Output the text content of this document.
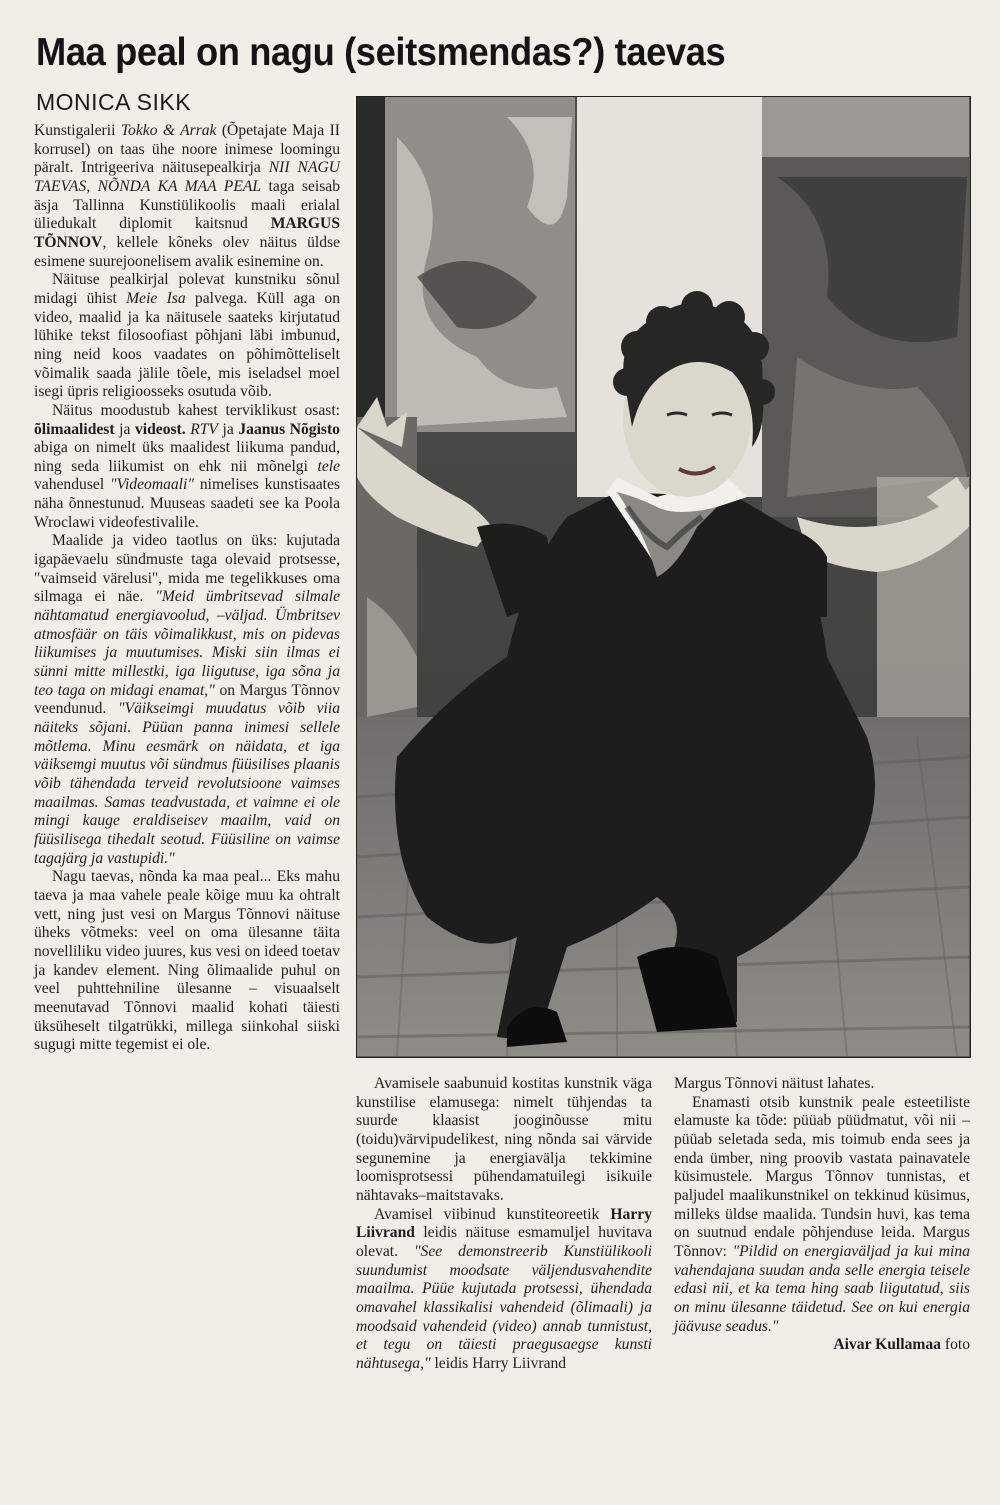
Maa peal on nagu (seitsmendas?) taevas
MONICA SIKK

Kunstigalerii Tokko & Arrak (Õpetajate Maja II korrusel) on taas ühe noore inimese loomingu päralt. Intrigeeriva näitusepealkirja NII NAGU TAEVAS, NÕNDA KA MAA PEAL taga seisab äsja Tallinna Kunstiülikoolis maali erialal üliedukalt diplomit kaitsnud MARGUS TÕNNOV, kellele kõneks olev näitus üldse esimene suurejoonelisem avalik esinemine on.

Näituse pealkirjal polevat kunstniku sõnul midagi ühist Meie Isa palvega. Küll aga on video, maalid ja ka näitusele saateks kirjutatud lühike tekst filosoofiast põhjani läbi imbunud, ning neid koos vaadates on põhimõtteliselt võimalik saada jälile tõele, mis iseladsel moel isegi üpris religioosseks osutuda võib.

Näitus moodustub kahest terviklikust osast: õlimaalidest ja videost. RTV ja Jaanus Nõgisto abiga on nimelt üks maalidest liikuma pandud, ning seda liikumist on ehk nii mõnelgi tele vahendusel "Videomaali" nimelises kunstisaates näha õnnestunud. Muuseas saadeti see ka Poola Wroclawi videofestivalile.

Maalide ja video taotlus on üks: kujutada igapäevaelu sündmuste taga olevaid protsesse, "vaimseid värelusi", mida me tegelikkuses oma silmaga ei näe. "Meid ümbritsevad silmale nähtamatud energiavoolud, –väljad. Ümbritsev atmosfäär on täis võimalikkust, mis on pidevas liikumises ja muutumises. Miski siin ilmas ei sünni mitte millestki, iga liigutuse, iga sõna ja teo taga on midagi enamat," on Margus Tõnnov veendunud. "Väikseimgi muudatus võib viia näiteks sõjani. Püüan panna inimesi sellele mõtlema. Minu eesmärk on näidata, et iga väiksemgi muutus või sündmus füüsilises plaanis võib tähendada terveid revolutsioone vaimses maailmas. Samas teadvustada, et vaimne ei ole mingi kauge eraldiseisev maailm, vaid on füüsilisega tihedalt seotud. Füüsiline on vaimse tagajärg ja vastupidi."

Nagu taevas, nõnda ka maa peal... Eks mahu taeva ja maa vahele peale kõige muu ka ohtralt vett, ning just vesi on Margus Tõnnovi näituse üheks võtmeks: veel on oma ülesanne täita novelliliku video juures, kus vesi on ideed toetav ja kandev element. Ning õlimaalide puhul on veel puhttehniline ülesanne – visuaalselt meenutavad Tõnnovi maalid kohati täiesti üksüheselt tilgatrükki, millega siinkohal siiski sugugi mitte tegemist ei ole.

Avamisele saabunuid kostitas kunstnik väga kunstilise elamusega: nimelt tühjendas ta suurde klaasist jooginõusse mitu (toidu)värvipudelikest, ning nõnda sai värvide segunemine ja energiavälja tekkimine loomisprotsessi pühendamatuilegi isikuile nähtavaks–maitstavaks.

Avamisel viibinud kunstiteoreetik Harry Liivrand leidis näituse esmamuljel huvitava olevat. "See demonstreerib Kunstiülikooli suundumist moodsate väljendusvahendite maailma. Püüe kujutada protsessi, ühendada omavahel klassikalisi vahendeid (õlimaali) ja moodsaid vahendeid (video) annab tunnistust, et tegu on täiesti praegusaegse kunsti nähtusega," leidis Harry Liivrand

Margus Tõnnovi näitust lahates.

Enamasti otsib kunstnik peale esteetiliste elamuste ka tõde: püüab püüdmatut, või nii – püüab seletada seda, mis toimub enda sees ja enda ümber, ning proovib vastata painavatele küsimustele. Margus Tõnnov tunnistas, et paljudel maalikunstnikel on tekkinud küsimus, milleks üldse maalida. Tundsin huvi, kas tema on suutnud endale põhjenduse leida. Margus Tõnnov: "Pildid on energiaväljad ja kui mina vahendajana suudan anda selle energia teisele edasi nii, et ka tema hing saab liigutatud, siis on minu ülesanne täidetud. See on kui energia jäävuse seadus."

Aivar Kullamaa foto
